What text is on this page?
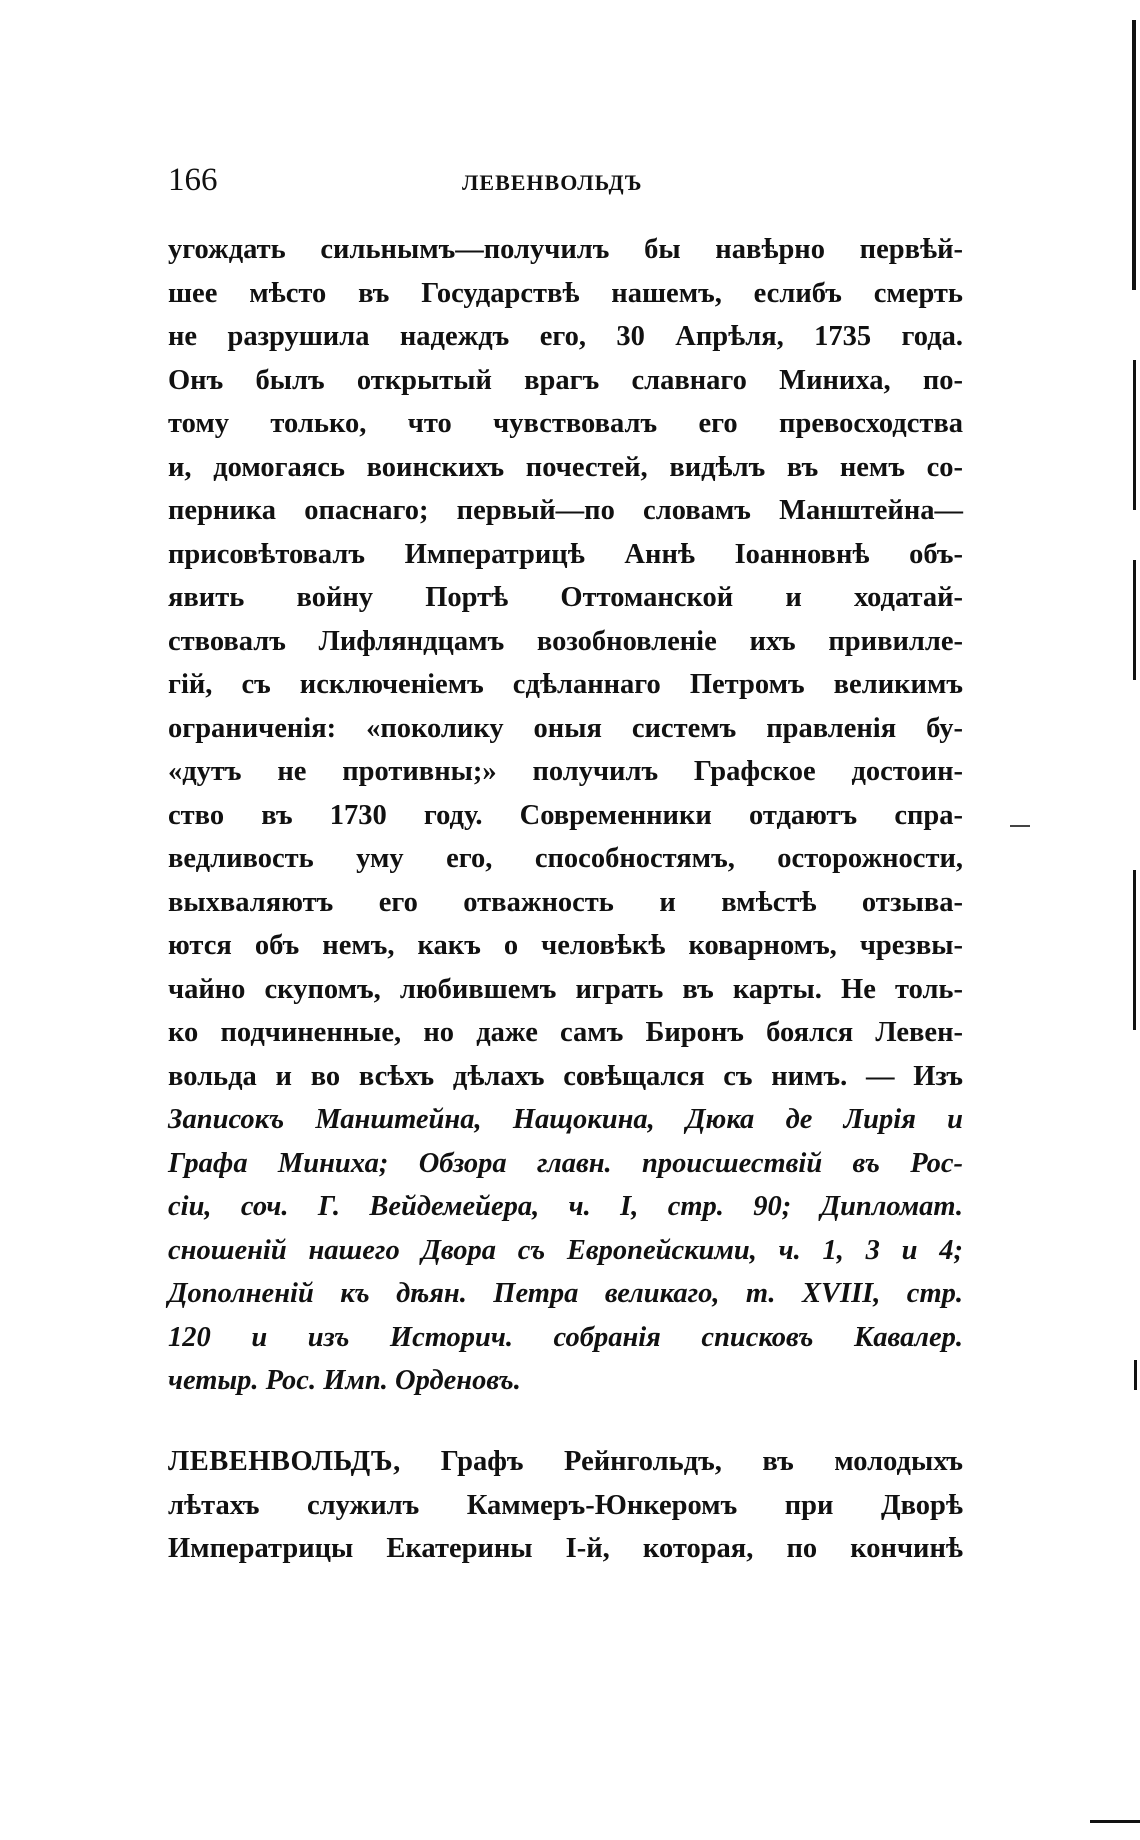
166	ЛЕВЕНВОЛЬДЪ
угождать сильнымъ—получилъ бы навѣрно первѣй-
шее мѣсто въ Государствѣ нашемъ, еслибъ смерть
не разрушила надеждъ его, 30 Апрѣля, 1735 года.
Онъ былъ открытый врагъ славнаго Миниха, по-
тому только, что чувствовалъ его превосходства
и, домогаясь воинскихъ почестей, видѣлъ въ немъ со-
перника опаснаго; первый—по словамъ Манштейна—
присовѣтовалъ Императрицѣ Аннѣ Іоанновнѣ объ-
явить войну Портѣ Оттоманской и ходатай-
ствовалъ Лифляндцамъ возобновленіе ихъ привилле-
гій, съ исключеніемъ сдѣланнаго Петромъ великимъ
ограниченія: «поколику оныя системъ правленія бу-
«дутъ не противны;» получилъ Графское достоин-
ство въ 1730 году. Современники отдаютъ спра-
ведливость уму его, способностямъ, осторожности,
выхваляютъ его отважность и вмѣстѣ отзыва-
ются объ немъ, какъ о человѣкѣ коварномъ, чрезвы-
чайно скупомъ, любившемъ играть въ карты. Не толь-
ко подчиненные, но даже самъ Биронъ боялся Левен-
вольда и во всѣхъ дѣлахъ совѣщался съ нимъ. — Изъ
Записокъ Манштейна, Нащокина, Дюка де Лирія и
Графа Миниха; Обзора главн. происшествій въ Рос-
сіи, соч. Г. Вейдемейера, ч. I, стр. 90; Дипломат.
сношеній нашего Двора съ Европейскими, ч. 1, 3 и 4;
Дополненій къ дѣян. Петра великаго, т. XVIII, стр.
120 и изъ Историч. собранія списковъ Кавалер.
четыр. Рос. Имп. Орденовъ.
ЛЕВЕНВОЛЬДЪ, Графъ Рейнгольдъ, въ молодыхъ
лѣтахъ служилъ Каммеръ-Юнкеромъ при Дворѣ
Императрицы Екатерины I-й, которая, по кончинѣ
